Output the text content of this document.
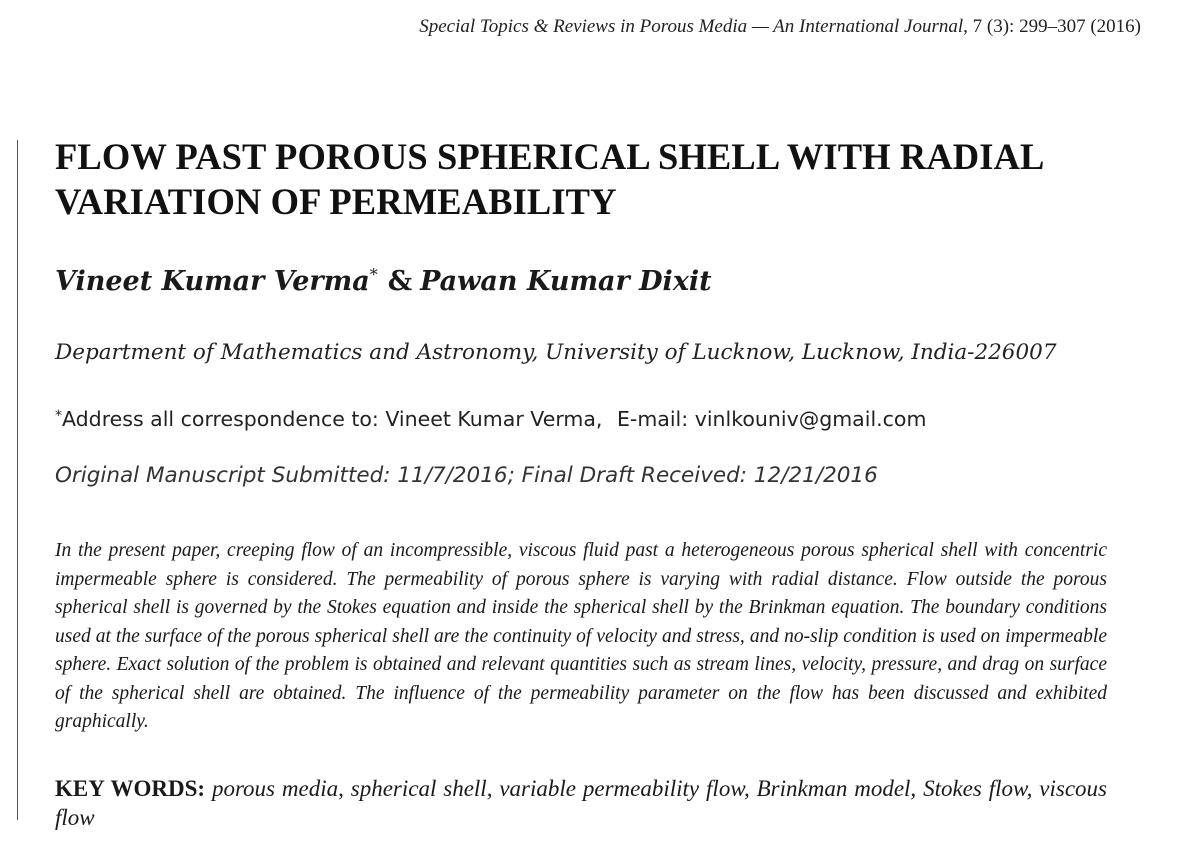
Special Topics & Reviews in Porous Media — An International Journal, 7 (3): 299–307 (2016)
FLOW PAST POROUS SPHERICAL SHELL WITH RADIAL VARIATION OF PERMEABILITY
Vineet Kumar Verma* & Pawan Kumar Dixit
Department of Mathematics and Astronomy, University of Lucknow, Lucknow, India-226007
*Address all correspondence to: Vineet Kumar Verma, E-mail: vinlkouniv@gmail.com
Original Manuscript Submitted: 11/7/2016; Final Draft Received: 12/21/2016

In the present paper, creeping flow of an incompressible, viscous fluid past a heterogeneous porous spherical shell with concentric impermeable sphere is considered. The permeability of porous sphere is varying with radial distance. Flow outside the porous spherical shell is governed by the Stokes equation and inside the spherical shell by the Brinkman equation. The boundary conditions used at the surface of the porous spherical shell are the continuity of velocity and stress, and no-slip condition is used on impermeable sphere. Exact solution of the problem is obtained and relevant quantities such as stream lines, velocity, pressure, and drag on surface of the spherical shell are obtained. The influence of the permeability parameter on the flow has been discussed and exhibited graphically.

KEY WORDS: porous media, spherical shell, variable permeability flow, Brinkman model, Stokes flow, viscous flow
